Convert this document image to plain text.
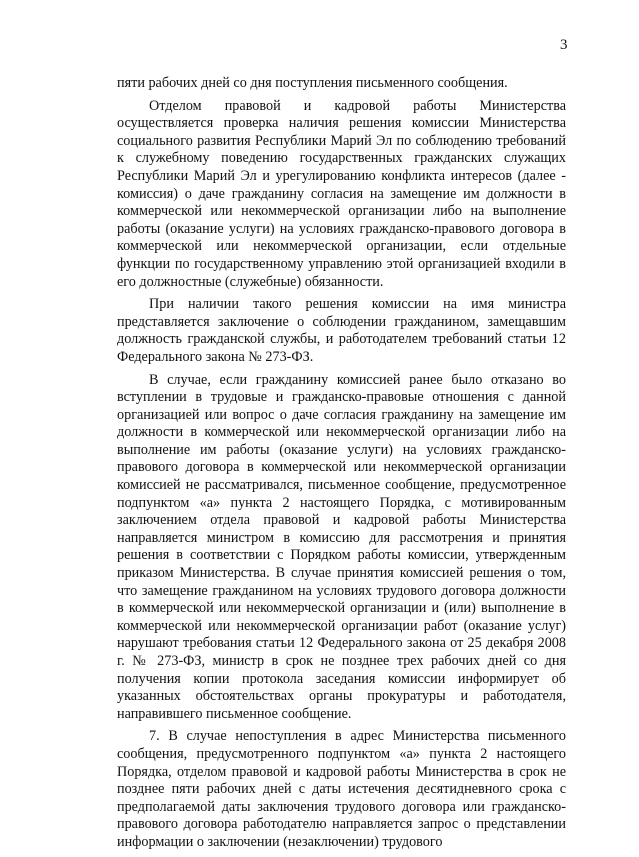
3

пяти рабочих дней со дня поступления письменного сообщения.

Отделом правовой и кадровой работы Министерства осуществляется проверка наличия решения комиссии Министерства социального развития Республики Марий Эл по соблюдению требований к служебному поведению государственных гражданских служащих Республики Марий Эл и урегулированию конфликта интересов (далее - комиссия) о даче гражданину согласия на замещение им должности в коммерческой или некоммерческой организации либо на выполнение работы (оказание услуги) на условиях гражданско-правового договора в коммерческой или некоммерческой организации, если отдельные функции по государственному управлению этой организацией входили в его должностные (служебные) обязанности.

При наличии такого решения комиссии на имя министра представляется заключение о соблюдении гражданином, замещавшим должность гражданской службы, и работодателем требований статьи 12 Федерального закона № 273-ФЗ.

В случае, если гражданину комиссией ранее было отказано во вступлении в трудовые и гражданско-правовые отношения с данной организацией или вопрос о даче согласия гражданину на замещение им должности в коммерческой или некоммерческой организации либо на выполнение им работы (оказание услуги) на условиях гражданско-правового договора в коммерческой или некоммерческой организации комиссией не рассматривался, письменное сообщение, предусмотренное подпунктом «а» пункта 2 настоящего Порядка, с мотивированным заключением отдела правовой и кадровой работы Министерства направляется министром в комиссию для рассмотрения и принятия решения в соответствии с Порядком работы комиссии, утвержденным приказом Министерства. В случае принятия комиссией решения о том, что замещение гражданином на условиях трудового договора должности в коммерческой или некоммерческой организации и (или) выполнение в коммерческой или некоммерческой организации работ (оказание услуг) нарушают требования статьи 12 Федерального закона от 25 декабря 2008 г. № 273-ФЗ, министр в срок не позднее трех рабочих дней со дня получения копии протокола заседания комиссии информирует об указанных обстоятельствах органы прокуратуры и работодателя, направившего письменное сообщение.

7. В случае непоступления в адрес Министерства письменного сообщения, предусмотренного подпунктом «а» пункта 2 настоящего Порядка, отделом правовой и кадровой работы Министерства в срок не позднее пяти рабочих дней с даты истечения десятидневного срока с предполагаемой даты заключения трудового договора или гражданско-правового договора работодателю направляется запрос о представлении информации о заключении (незаключении) трудового
